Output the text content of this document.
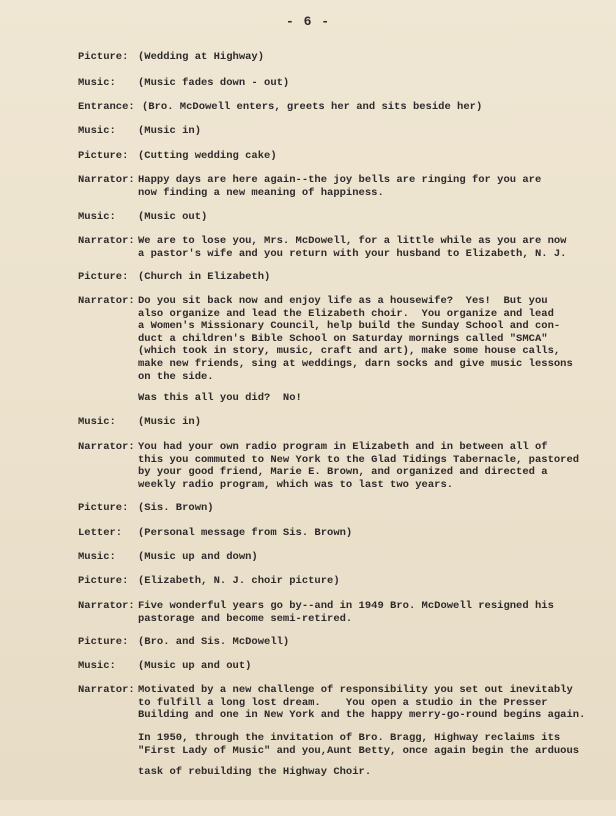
- 6 -

Picture:

(Wedding at Highway)

Music:

(Music fades down - out)

Entrance:

(Bro. McDowell enters, greets her and sits beside her)

Music:

(Music in)

Picture:

(Cutting wedding cake)

Narrator:

Happy days are here again--the joy bells are ringing for you are
now finding a new meaning of happiness.

Music:

(Music out)

Narrator:

We are to lose you, Mrs. McDowell, for a little while as you are now
a pastor's wife and you return with your husband to Elizabeth, N. J.

Picture:

(Church in Elizabeth)

Narrator:

Do you sit back now and enjoy life as a housewife?  Yes!  But you
also organize and lead the Elizabeth choir.  You organize and lead
a Women's Missionary Council, help build the Sunday School and con-
duct a children's Bible School on Saturday mornings called "SMCA"
(which took in story, music, craft and art), make some house calls,
make new friends, sing at weddings, darn socks and give music lessons
on the side.

Was this all you did?  No!

Music:

(Music in)

Narrator:

You had your own radio program in Elizabeth and in between all of
this you commuted to New York to the Glad Tidings Tabernacle, pastored
by your good friend, Marie E. Brown, and organized and directed a
weekly radio program, which was to last two years.

Picture:

(Sis. Brown)

Letter:

(Personal message from Sis. Brown)

Music:

(Music up and down)

Picture:

(Elizabeth, N. J. choir picture)

Narrator:

Five wonderful years go by--and in 1949 Bro. McDowell resigned his
pastorage and become semi-retired.

Picture:

(Bro. and Sis. McDowell)

Music:

(Music up and out)

Narrator:

Motivated by a new challenge of responsibility you set out inevitably
to fulfill a long lost dream.    You open a studio in the Presser
Building and one in New York and the happy merry-go-round begins again.

In 1950, through the invitation of Bro. Bragg, Highway reclaims its
"First Lady of Music" and you,Aunt Betty, once again begin the arduous

task of rebuilding the Highway Choir.
